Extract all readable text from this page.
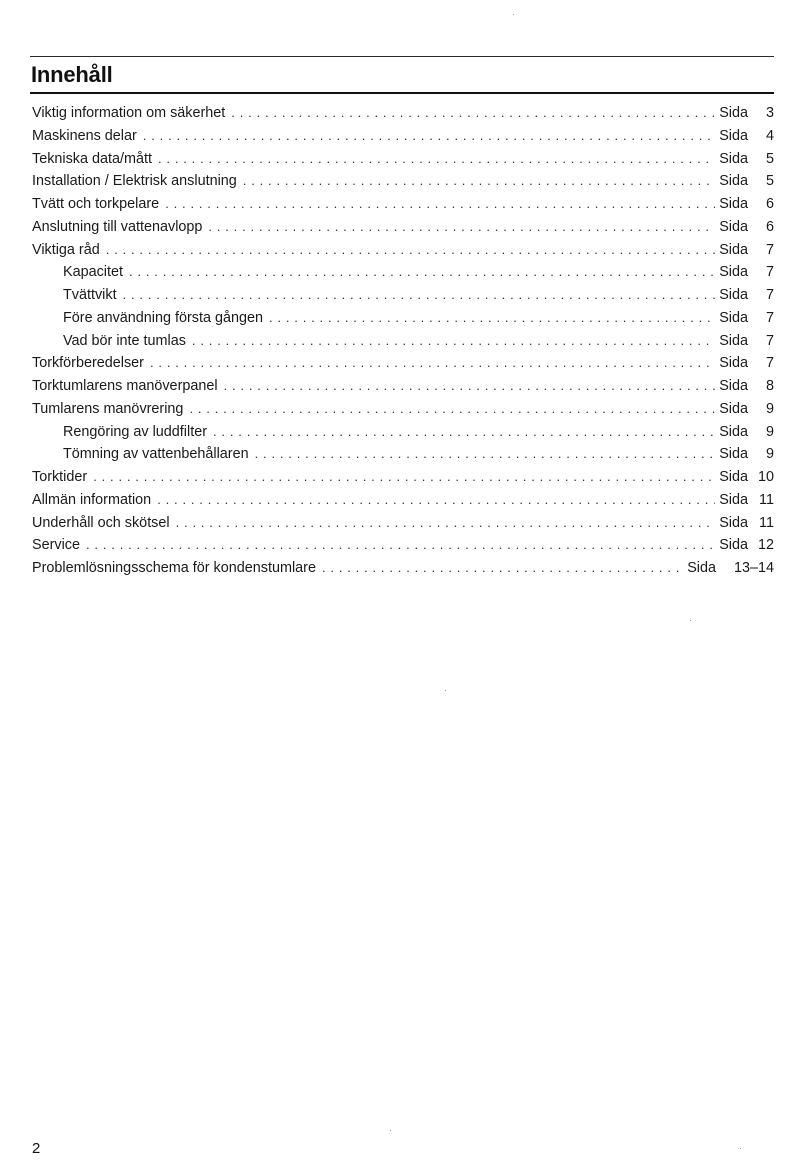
Innehåll
Viktig information om säkerhet . . .	Sida	3
Maskinens delar . . .	Sida	4
Tekniska data/mått . . .	Sida	5
Installation / Elektrisk anslutning . . .	Sida	5
Tvätt och torkpelare . . .	Sida	6
Anslutning till vattenavlopp . . .	Sida	6
Viktiga råd . . .	Sida	7
Kapacitet . . .	Sida	7
Tvättvikt . . .	Sida	7
Före användning första gången . . .	Sida	7
Vad bör inte tumlas . . .	Sida	7
Torkförberedelser . . .	Sida	7
Torktumlarens manöverpanel . . .	Sida	8
Tumlarens manövrering . . .	Sida	9
Rengöring av luddfilter . . .	Sida	9
Tömning av vattenbehållaren . . .	Sida	9
Torktider . . .	Sida 10
Allmän information . . .	Sida 11
Underhåll och skötsel . . .	Sida 11
Service . . .	Sida 12
Problemlösningsschema för kondenstumlare . . .	Sida	13–14
2
